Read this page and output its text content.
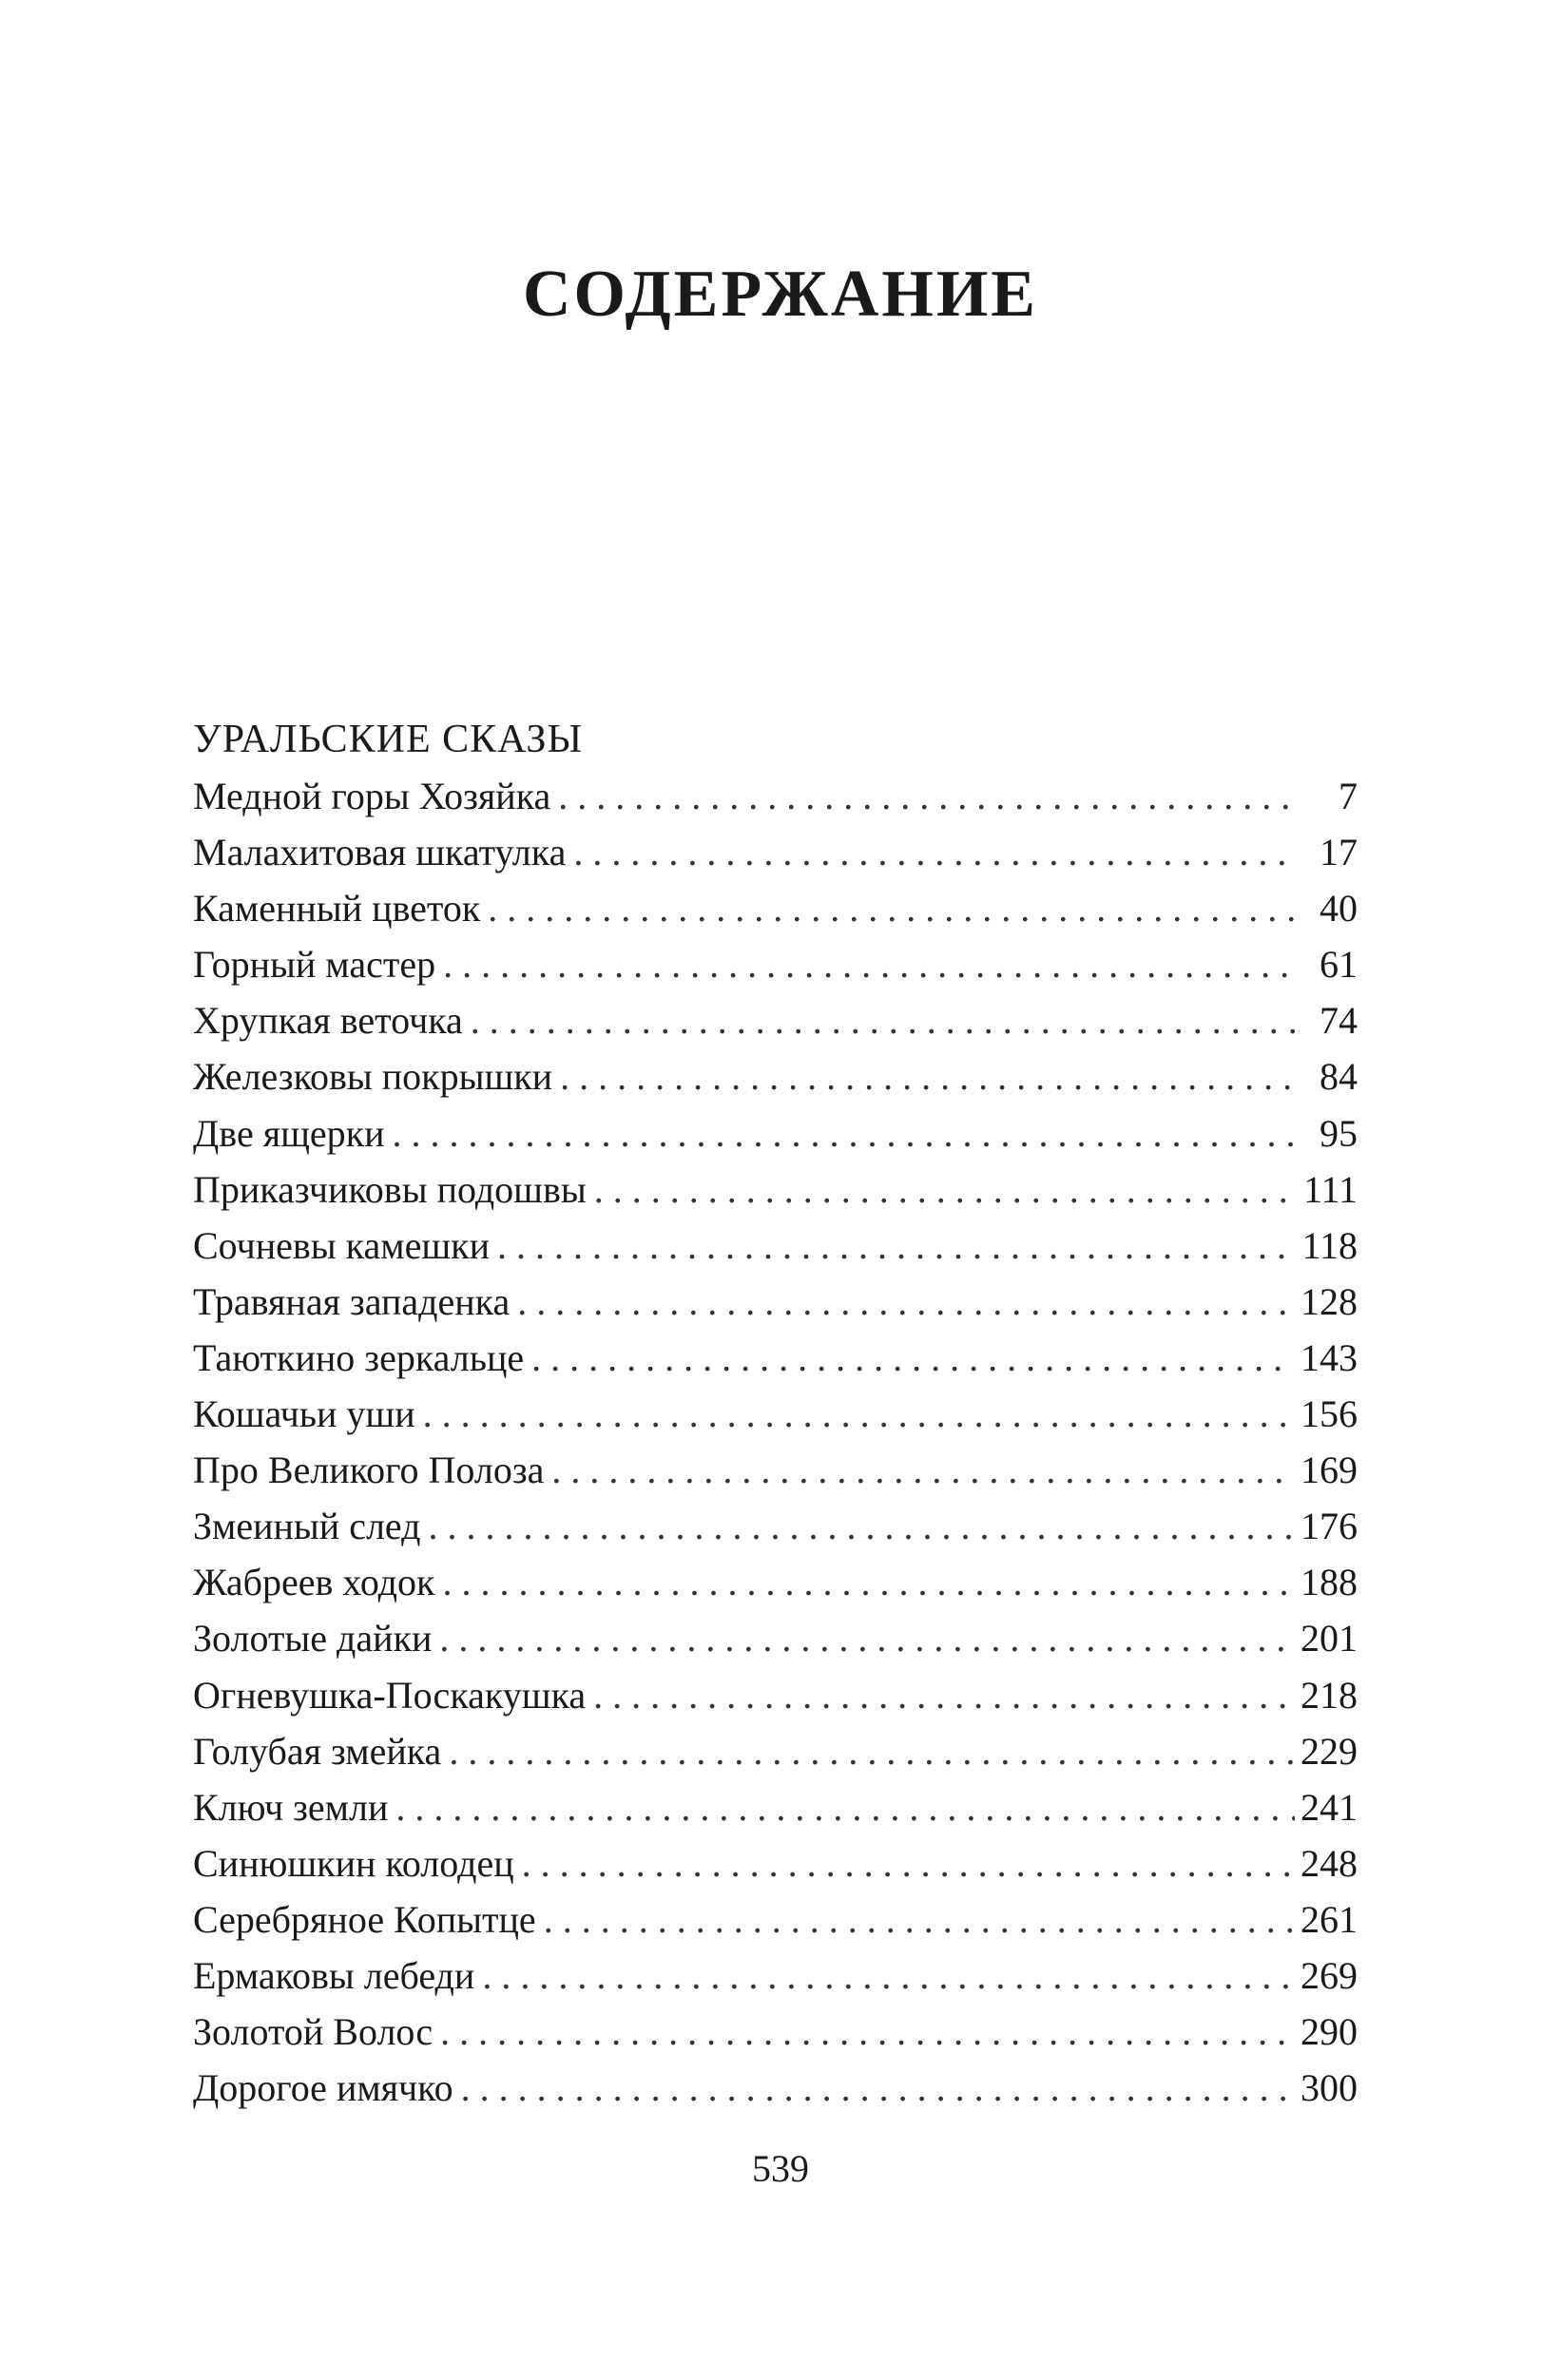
СОДЕРЖАНИЕ
УРАЛЬСКИЕ СКАЗЫ
Медной горы Хозяйка . . .	7
Малахитовая шкатулка . . .	17
Каменный цветок . . .	40
Горный мастер . . .	61
Хрупкая веточка . . .	74
Железковы покрышки . . .	84
Две ящерки . . .	95
Приказчиковы подошвы . . .	111
Сочневы камешки . . .	118
Травяная западенка . . .	128
Таюткино зеркальце . . .	143
Кошачьи уши . . .	156
Про Великого Полоза . . .	169
Змеиный след . . .	176
Жабреев ходок . . .	188
Золотые дайки . . .	201
Огневушка-Поскакушка . . .	218
Голубая змейка . . .	229
Ключ земли . . .	241
Синюшкин колодец . . .	248
Серебряное Копытце . . .	261
Ермаковы лебеди . . .	269
Золотой Волос . . .	290
Дорогое имячко . . .	300
539
